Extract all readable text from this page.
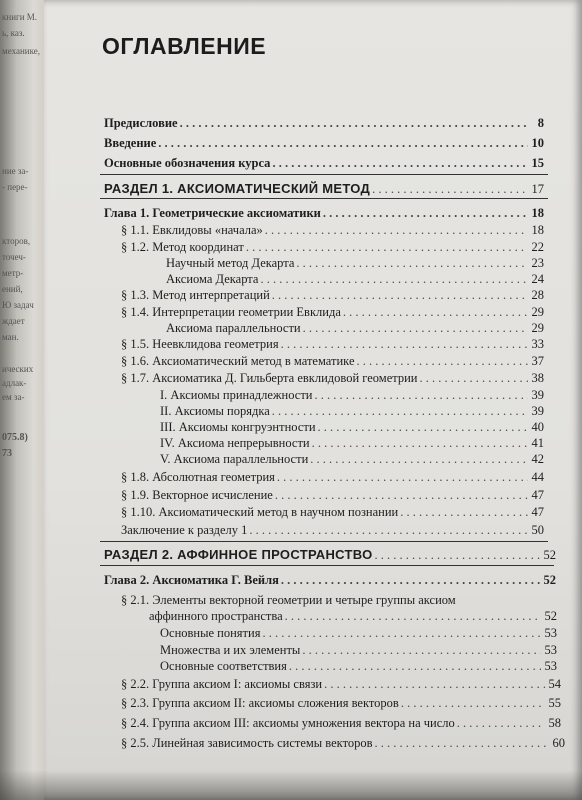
книги М.
ь, каз.
механике,
ние за-
- пере-
кторов,
точеч-
метр-
ений,
Ю задач
ждает
ман.
ических
адлак-
ем за-
075.8)
73
ОГЛАВЛЕНИЕ
Предисловие . . .	8
Введение . . .	10
Основные обозначения курса . . .	15
РАЗДЕЛ 1. АКСИОМАТИЧЕСКИЙ МЕТОД . . .	17
Глава 1. Геометрические аксиоматики . . .	18
§ 1.1. Евклидовы «начала» . . .	18
§ 1.2. Метод координат . . .	22
Научный метод Декарта . . .	23
Аксиома Декарта . . .	24
§ 1.3. Метод интерпретаций . . .	28
§ 1.4. Интерпретации геометрии Евклида . . .	29
Аксиома параллельности . . .	29
§ 1.5. Неевклидова геометрия . . .	33
§ 1.6. Аксиоматический метод в математике . . .	37
§ 1.7. Аксиоматика Д. Гильберта евклидовой геометрии . . .	38
I. Аксиомы принадлежности . . .	39
II. Аксиомы порядка . . .	39
III. Аксиомы конгруэнтности . . .	40
IV. Аксиома непрерывности . . .	41
V. Аксиома параллельности . . .	42
§ 1.8. Абсолютная геометрия . . .	44
§ 1.9. Векторное исчисление . . .	47
§ 1.10. Аксиоматический метод в научном познании . . .	47
Заключение к разделу 1 . . .	50
РАЗДЕЛ 2. АФФИННОЕ ПРОСТРАНСТВО . . .	52
Глава 2. Аксиоматика Г. Вейля . . .	52
§ 2.1. Элементы векторной геометрии и четыре группы аксиом
аффинного пространства . . .	52
Основные понятия . . .	53
Множества и их элементы . . .	53
Основные соответствия . . .	53
§ 2.2. Группа аксиом I: аксиомы связи . . .	54
§ 2.3. Группа аксиом II: аксиомы сложения векторов . . .	55
§ 2.4. Группа аксиом III: аксиомы умножения вектора на число . . .	58
§ 2.5. Линейная зависимость системы векторов . . .	60
